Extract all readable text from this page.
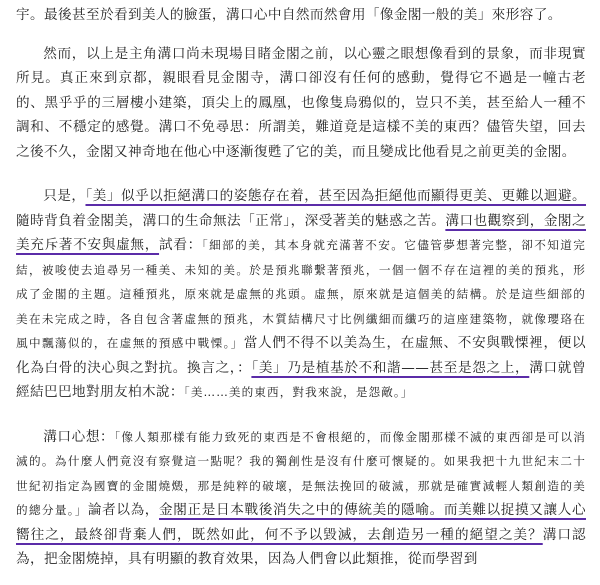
宇。最後甚至於看到美人的臉蛋，溝口心中自然而然會用「像金閣一般的美」來形容了。

然而，以上是主角溝口尚未現場目睹金閣之前，以心靈之眼想像看到的景象，而非現實所見。真正來到京都，親眼看見金閣寺，溝口卻沒有任何的感動，覺得它不過是一幢古老的、黑乎乎的三層樓小建築，頂尖上的鳳凰，也像隻烏鴉似的，豈只不美，甚至給人一種不調和、不穩定的感覺。溝口不免尋思：所謂美，難道竟是這樣不美的東西？儘管失望，回去之後不久，金閣又神奇地在他心中逐漸復甦了它的美，而且變成比他看見之前更美的金閣。

只是，「美」似乎以拒絕溝口的姿態存在着，甚至因為拒絕他而顯得更美、更難以迴避。隨時背負着金閣美，溝口的生命無法「正常」，深受著美的魅惑之苦。溝口也觀察到，金閣之美充斥著不安與虛無，試看：「細部的美，其本身就充滿著不安。它儘管夢想著完整，卻不知道完結，被唆使去追尋另一種美、未知的美。於是預兆聯繫著預兆，一個一個不存在這裡的美的預兆，形成了金閣的主題。這種預兆，原來就是虛無的兆頭。虛無，原來就是這個美的結構。於是這些細部的美在未完成之時，各自包含著虛無的預兆，木質結構尺寸比例纖細而纖巧的這座建築物，就像瓔珞在風中飄蕩似的，在虛無的預感中戰慄。」當人們不得不以美為生，在虛無、不安與戰慄裡，便以化為白骨的決心與之對抗。換言之，：「美」乃是植基於不和諧——甚至是怨之上，溝口就曾經結巴巴地對朋友柏木說：「美……美的東西，對我來說，是怨敵。」

溝口心想：「像人類那樣有能力致死的東西是不會根絕的，而像金閣那樣不滅的東西卻是可以消滅的。為什麼人們竟沒有察覺這一點呢？我的獨創性是沒有什麼可懷疑的。如果我把十九世紀末二十世紀初指定為國寶的金閣燒燬，那是純粹的破壞，是無法挽回的破滅，那就是確實減輕人類創造的美的總分量。」論者以為，金閣正是日本戰後消失之中的傳統美的隱喻。而美難以捉摸又讓人心嚮往之，最終卻背棄人們，既然如此，何不予以毀滅，去創造另一種的絕望之美？溝口認為，把金閣燒掉，具有明顯的教育效果，因為人們會以此類推，從而學習到
